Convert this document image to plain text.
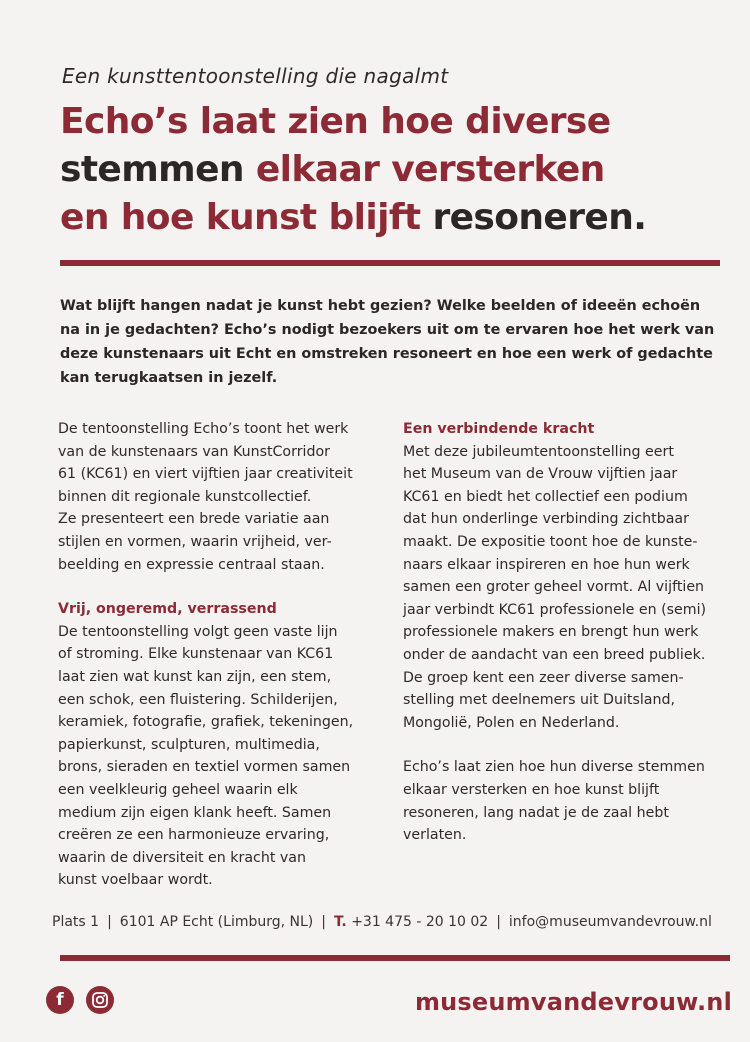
Een kunsttentoonstelling die nagalmt
Echo’s laat zien hoe diverse
stemmen elkaar versterken
en hoe kunst blijft resoneren.
Wat blijft hangen nadat je kunst hebt gezien? Welke beelden of ideeën echoën
na in je gedachten? Echo’s nodigt bezoekers uit om te ervaren hoe het werk van
deze kunstenaars uit Echt en omstreken resoneert en hoe een werk of gedachte
kan terugkaatsen in jezelf.
De tentoonstelling Echo’s toont het werk
van de kunstenaars van KunstCorridor
61 (KC61) en viert vijftien jaar creativiteit
binnen dit regionale kunstcollectief.
Ze presenteert een brede variatie aan
stijlen en vormen, waarin vrijheid, ver-
beelding en expressie centraal staan.
Vrij, ongeremd, verrassend
De tentoonstelling volgt geen vaste lijn
of stroming. Elke kunstenaar van KC61
laat zien wat kunst kan zijn, een stem,
een schok, een fluistering. Schilderijen,
keramiek, fotografie, grafiek, tekeningen,
papierkunst, sculpturen, multimedia,
brons, sieraden en textiel vormen samen
een veelkleurig geheel waarin elk
medium zijn eigen klank heeft. Samen
creëren ze een harmonieuze ervaring,
waarin de diversiteit en kracht van
kunst voelbaar wordt.
Een verbindende kracht
Met deze jubileumtentoonstelling eert
het Museum van de Vrouw vijftien jaar
KC61 en biedt het collectief een podium
dat hun onderlinge verbinding zichtbaar
maakt. De expositie toont hoe de kunste-
naars elkaar inspireren en hoe hun werk
samen een groter geheel vormt. Al vijftien
jaar verbindt KC61 professionele en (semi)
professionele makers en brengt hun werk
onder de aandacht van een breed publiek.
De groep kent een zeer diverse samen-
stelling met deelnemers uit Duitsland,
Mongolië, Polen en Nederland.
Echo’s laat zien hoe hun diverse stemmen
elkaar versterken en hoe kunst blijft
resoneren, lang nadat je de zaal hebt
verlaten.
Plats 1 | 6101 AP Echt (Limburg, NL) | T. +31 475 - 20 10 02 | info@museumvandevrouw.nl
f	museumvandevrouw.nl
